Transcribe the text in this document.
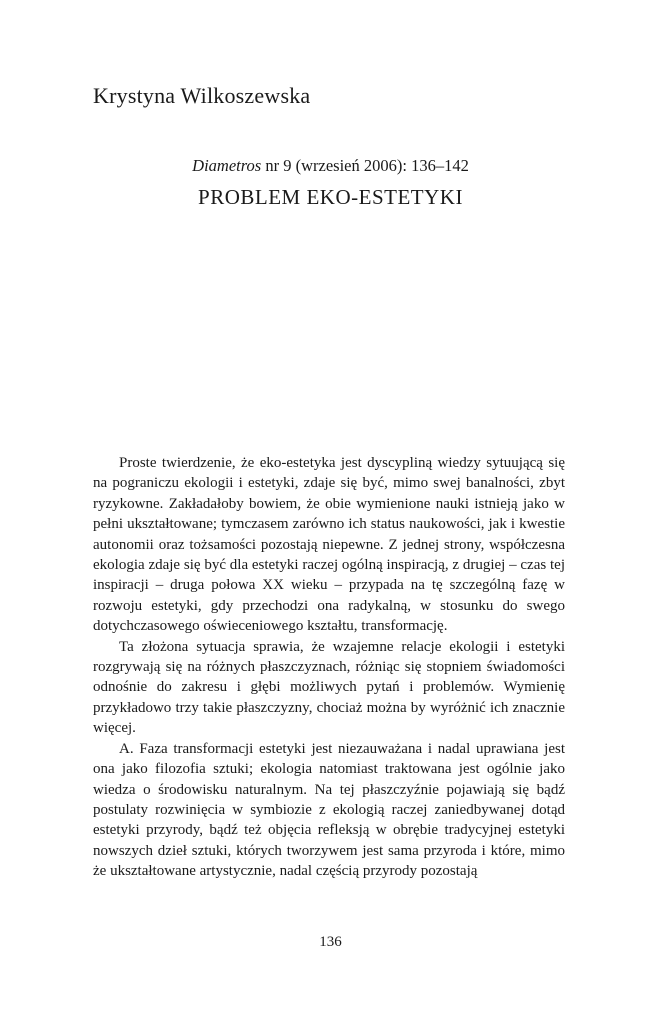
Krystyna Wilkoszewska
Diametros nr 9 (wrzesień 2006): 136–142
PROBLEM EKO-ESTETYKI

Proste twierdzenie, że eko-estetyka jest dyscypliną wiedzy sytuującą się na pograniczu ekologii i estetyki, zdaje się być, mimo swej banalności, zbyt ryzykowne. Zakładałoby bowiem, że obie wymienione nauki istnieją jako w pełni ukształtowane; tymczasem zarówno ich status naukowości, jak i kwestie autonomii oraz tożsamości pozostają niepewne. Z jednej strony, współczesna ekologia zdaje się być dla estetyki raczej ogólną inspiracją, z drugiej – czas tej inspiracji – druga połowa XX wieku – przypada na tę szczególną fazę w rozwoju estetyki, gdy przechodzi ona radykalną, w stosunku do swego dotychczasowego oświeceniowego kształtu, transformację.

Ta złożona sytuacja sprawia, że wzajemne relacje ekologii i estetyki rozgrywają się na różnych płaszczyznach, różniąc się stopniem świadomości odnośnie do zakresu i głębi możliwych pytań i problemów. Wymienię przykładowo trzy takie płaszczyzny, chociaż można by wyróżnić ich znacznie więcej.

A. Faza transformacji estetyki jest niezauważana i nadal uprawiana jest ona jako filozofia sztuki; ekologia natomiast traktowana jest ogólnie jako wiedza o środowisku naturalnym. Na tej płaszczyźnie pojawiają się bądź postulaty rozwinięcia w symbiozie z ekologią raczej zaniedbywanej dotąd estetyki przyrody, bądź też objęcia refleksją w obrębie tradycyjnej estetyki nowszych dzieł sztuki, których tworzywem jest sama przyroda i które, mimo że ukształtowane artystycznie, nadal częścią przyrody pozostają

136
